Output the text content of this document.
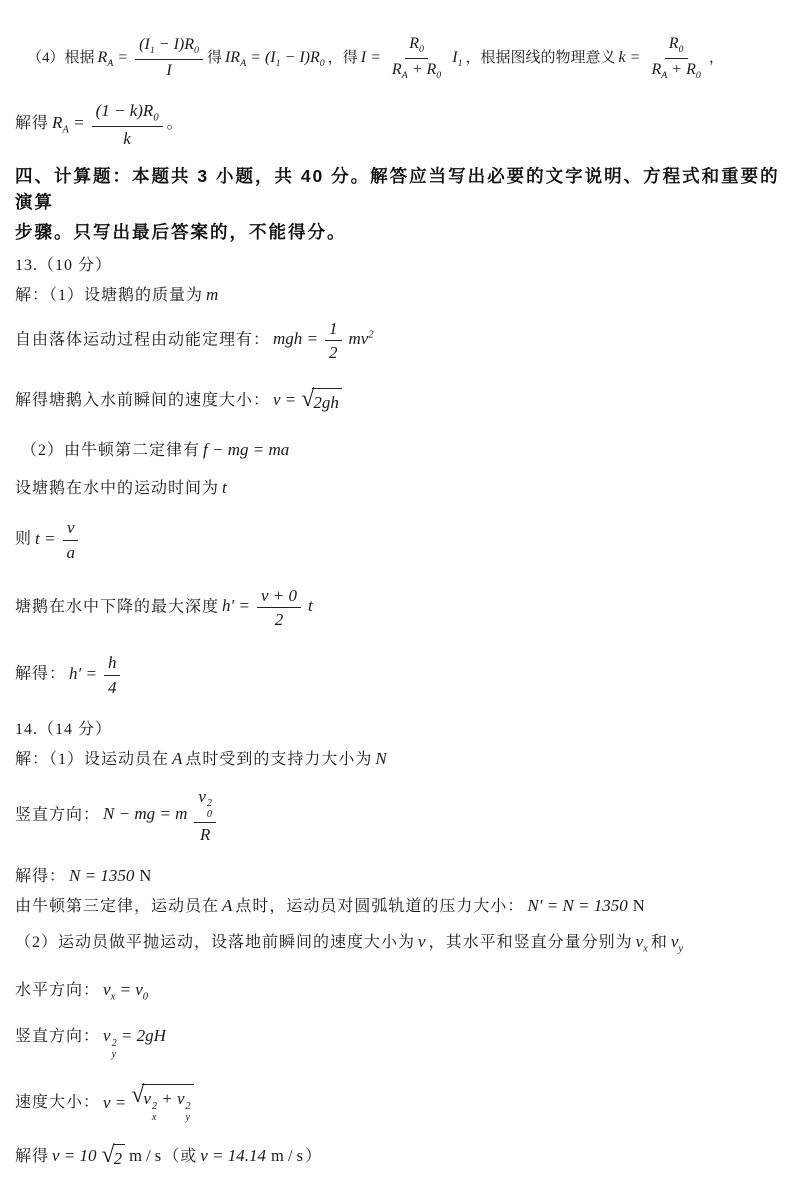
（4）根据 $R_A = \frac{(I_1 - I)R_0}{I}$ 得 $IR_A = (I_1 - I)R_0$ ，得 $I = \frac{R_0}{R_A + R_0} I_1$ ，根据图线的物理意义 $k = \frac{R_0}{R_A + R_0}$ ，

解得 $R_A = \frac{(1 - k)R_0}{k}$ 。

四、计算题：本题共 3 小题，共 40 分。解答应当写出必要的文字说明、方程式和重要的演算

步骤。只写出最后答案的，不能得分。

13.（10 分）

解：（1）设塘鹅的质量为 m

自由落体运动过程由动能定理有： mgh = $\frac{1}{2} mv^2$

解得塘鹅入水前瞬间的速度大小： v = √ 2gh

（2）由牛顿第二定律有 f − mg = ma

设塘鹅在水中的运动时间为 t

则 $t = \frac{v}{a}$

塘鹅在水中下降的最大深度 $h' = \frac{v + 0}{2}$ t

解得： $h' = \frac{h}{4}$

14.（14 分）

解：（1）设运动员在 A 点时受到的支持力大小为 N

竖直方向： N − mg = m v 2
0
R

解得： N = 1350 N

由牛顿第三定律，运动员在 A 点时，运动员对圆弧轨道的压力大小： N′ = N = 1350 N

（2）运动员做平抛运动，设落地前瞬间的速度大小为 v ，其水平和竖直分量分别为 $v_x$ 和 $v_y$

水平方向： $v_x = v_0$

竖直方向： v 2
y
= 2gH

速度大小： v = √ v 2
x
+ v 2
y

解得 v = 10 √ 2 m / s （或 v = 14.14 m / s ）
